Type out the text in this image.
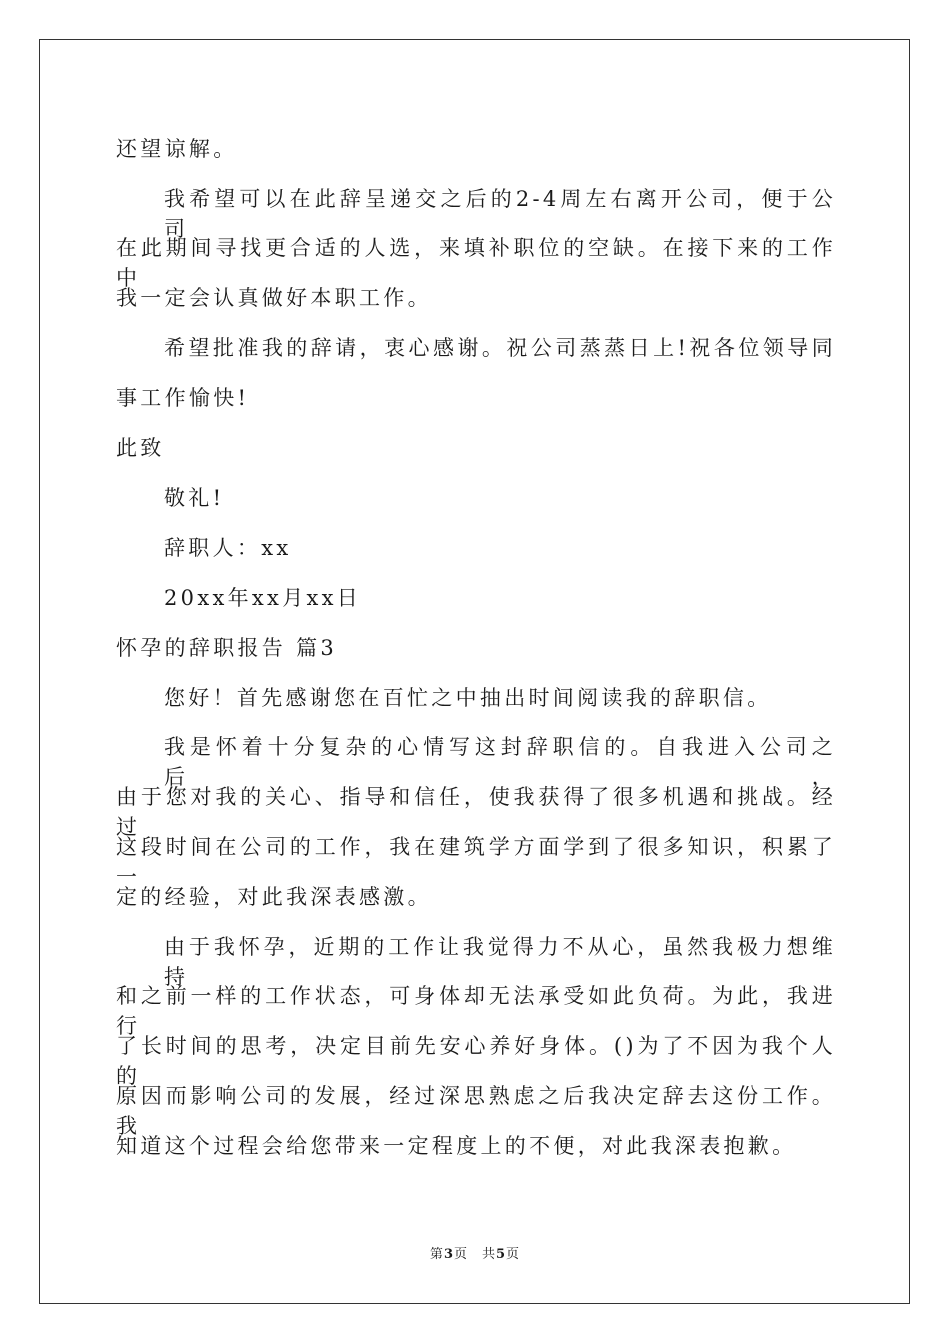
还望谅解。
我希望可以在此辞呈递交之后的2-4周左右离开公司，便于公司
在此期间寻找更合适的人选，来填补职位的空缺。在接下来的工作中
我一定会认真做好本职工作。
希望批准我的辞请，衷心感谢。祝公司蒸蒸日上!祝各位领导同
事工作愉快!
此致
敬礼!
辞职人：xx
20xx年xx月xx日
怀孕的辞职报告 篇3
您好！首先感谢您在百忙之中抽出时间阅读我的辞职信。
我是怀着十分复杂的心情写这封辞职信的。自我进入公司之后，
由于您对我的关心、指导和信任，使我获得了很多机遇和挑战。经过
这段时间在公司的工作，我在建筑学方面学到了很多知识，积累了一
定的经验，对此我深表感激。
由于我怀孕，近期的工作让我觉得力不从心，虽然我极力想维持
和之前一样的工作状态，可身体却无法承受如此负荷。为此，我进行
了长时间的思考，决定目前先安心养好身体。()为了不因为我个人的
原因而影响公司的发展，经过深思熟虑之后我决定辞去这份工作。我
知道这个过程会给您带来一定程度上的不便，对此我深表抱歉。
第3页　共5页
